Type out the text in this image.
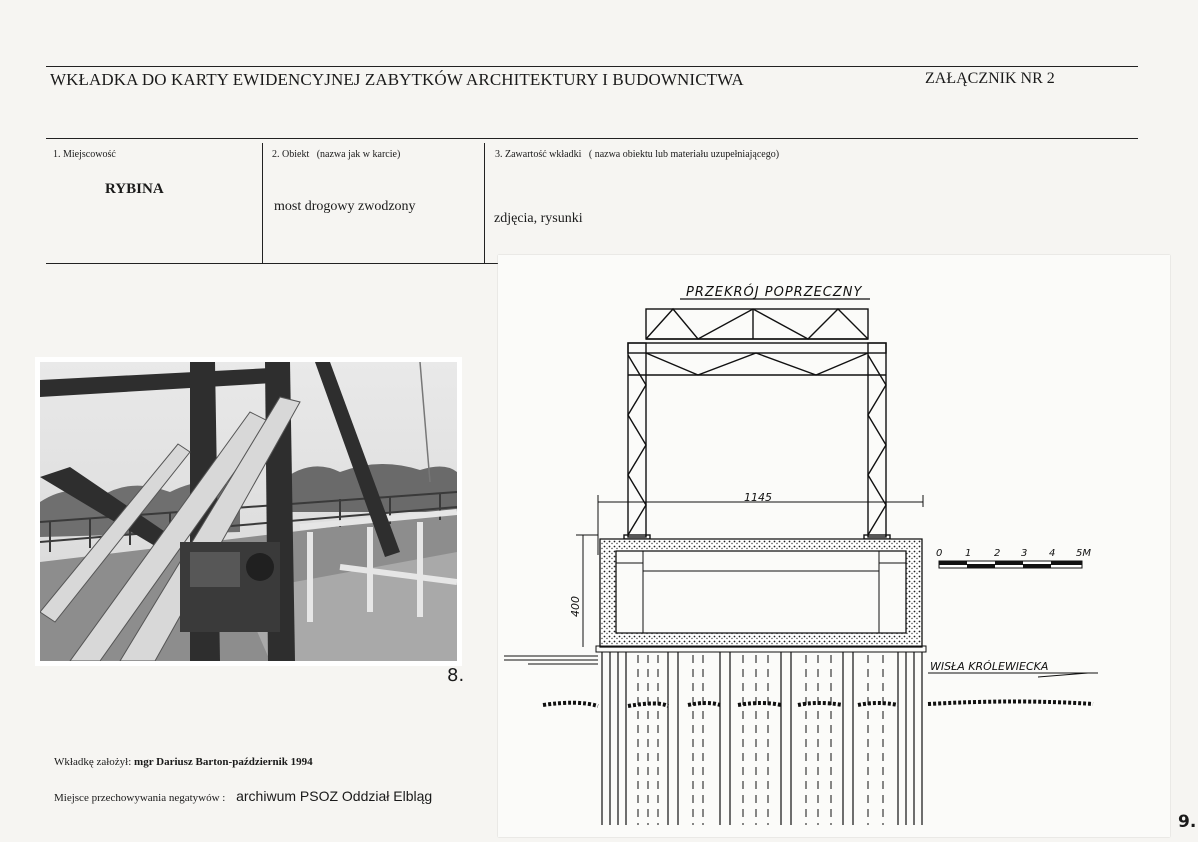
WKŁADKA DO KARTY EWIDENCYJNEJ ZABYTKÓW ARCHITEKTURY I BUDOWNICTWA	ZAŁĄCZNIK NR 2
1. Miejscowość
RYBINA
2. Obiekt   (nazwa jak w karcie)
most drogowy zwodzony
3. Zawartość wkładki   ( nazwa obiektu lub materiału uzupełniającego)
zdjęcia, rysunki
8.
PRZEKRÓJ POPRZECZNY
1145
400
WISŁA KRÓLEWIECKA
0 1 2 3 4 5M
Wkładkę założył: mgr Dariusz Barton-październik 1994
Miejsce przechowywania negatywów : archiwum PSOZ Oddział Elbląg
9.
